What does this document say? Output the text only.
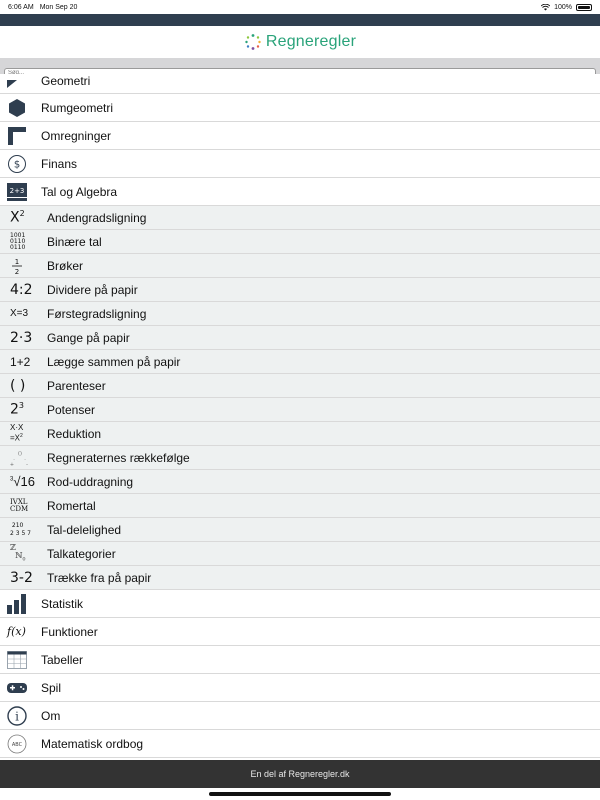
6:06 AM Mon Sep 20	100%
Regneregler
Søg...
Geometri
Rumgeometri
Omregninger
$ Finans
2+3 Tal og Algebra
$X^2$ Andengradsligning
1001
0110
0110 Binære tal
1
2 Brøker
4:2 Dividere på papir
X=3 Førstegradsligning
2·3 Gange på papir
1+2 Lægge sammen på papir
( ) Parenteser
$2^3$ Potenser
X·X
$=X^2$ Reduktion
()
· ·
+ - Regneraternes rækkefølge
$^3$√16 Rod-uddragning
IVXL
CDM Romertal
210
2 3 5 7 Tal-delelighed
ℤ
ℕ$_0$ Talkategorier
3-2 Trække fra på papir
Statistik
f(x) Funktioner
Tabeller
Spil
i Om
ABC Matematisk ordbog
En del af Regneregler.dk
